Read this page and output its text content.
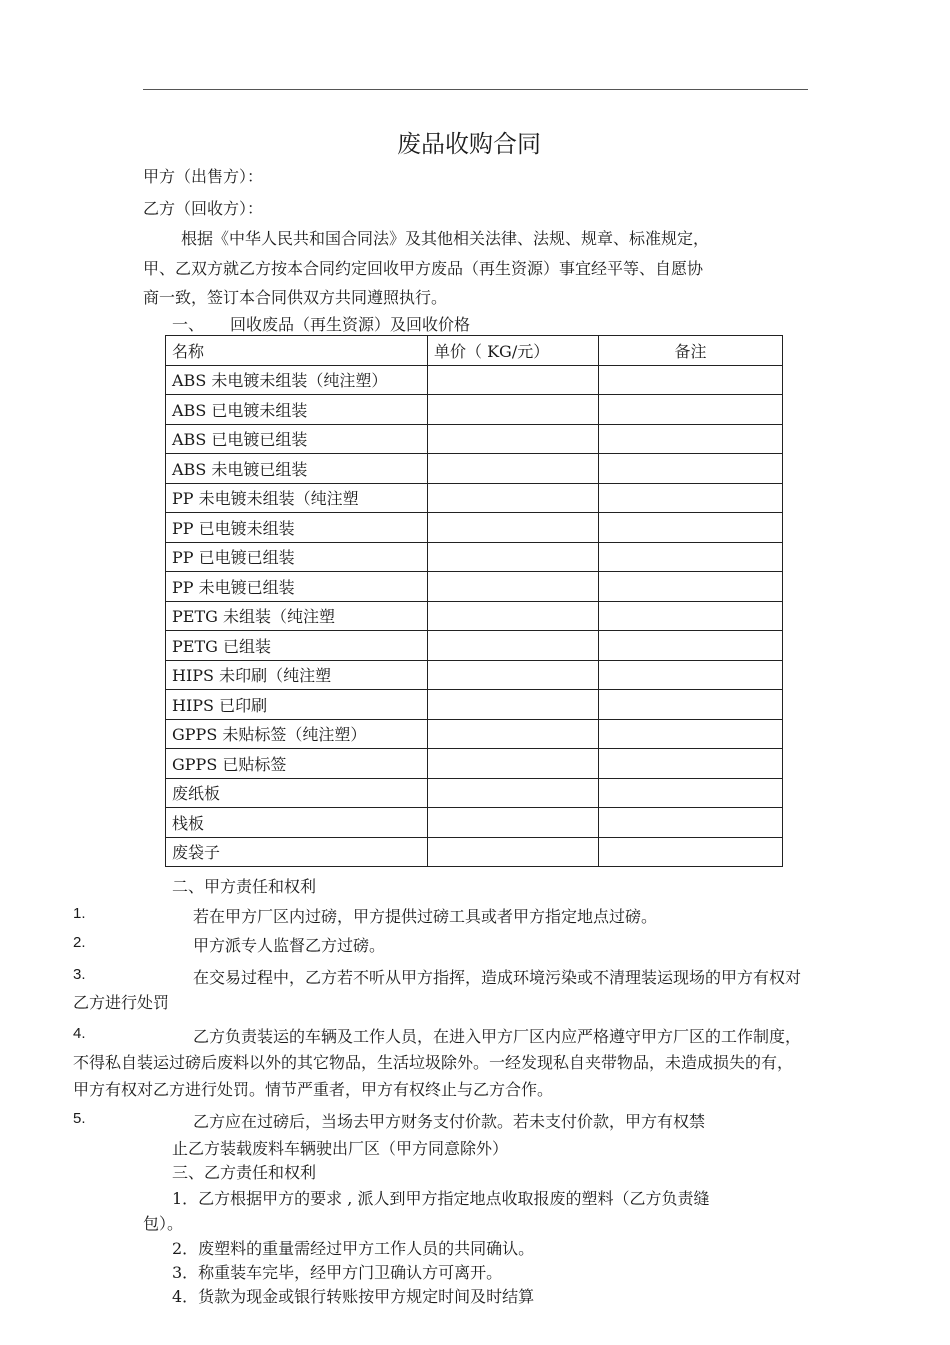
废品收购合同
甲方（出售方）：
乙方（回收方）：
根据《中华人民共和国合同法》及其他相关法律、法规、规章、标准规定，
甲、乙双方就乙方按本合同约定回收甲方废品（再生资源）事宜经平等、自愿协
商一致，签订本合同供双方共同遵照执行。
一、 回收废品（再生资源）及回收价格
名称	单价（ KG/元）	备注
ABS 未电镀未组装（纯注塑）		
ABS 已电镀未组装		
ABS 已电镀已组装		
ABS 未电镀已组装		
PP 未电镀未组装（纯注塑		
PP 已电镀未组装		
PP 已电镀已组装		
PP 未电镀已组装		
PETG 未组装（纯注塑		
PETG 已组装		
HIPS 未印刷（纯注塑		
HIPS 已印刷		
GPPS 未贴标签（纯注塑）		
GPPS 已贴标签		
废纸板		
栈板		
废袋子		
二、甲方责任和权利
1.	若在甲方厂区内过磅，甲方提供过磅工具或者甲方指定地点过磅。
2.	甲方派专人监督乙方过磅。
3.	在交易过程中，乙方若不听从甲方指挥，造成环境污染或不清理装运现场的甲方有权对
乙方进行处罚
4.	乙方负责装运的车辆及工作人员，在进入甲方厂区内应严格遵守甲方厂区的工作制度，
不得私自装运过磅后废料以外的其它物品，生活垃圾除外。一经发现私自夹带物品，未造成损失的有，
甲方有权对乙方进行处罚。情节严重者，甲方有权终止与乙方合作。
5.	乙方应在过磅后，当场去甲方财务支付价款。若未支付价款，甲方有权禁
止乙方装载废料车辆驶出厂区（甲方同意除外）
三、乙方责任和权利
1．乙方根据甲方的要求 , 派人到甲方指定地点收取报废的塑料（乙方负责缝
包）。
2．废塑料的重量需经过甲方工作人员的共同确认。
3．称重装车完毕，经甲方门卫确认方可离开。
4．货款为现金或银行转账按甲方规定时间及时结算
